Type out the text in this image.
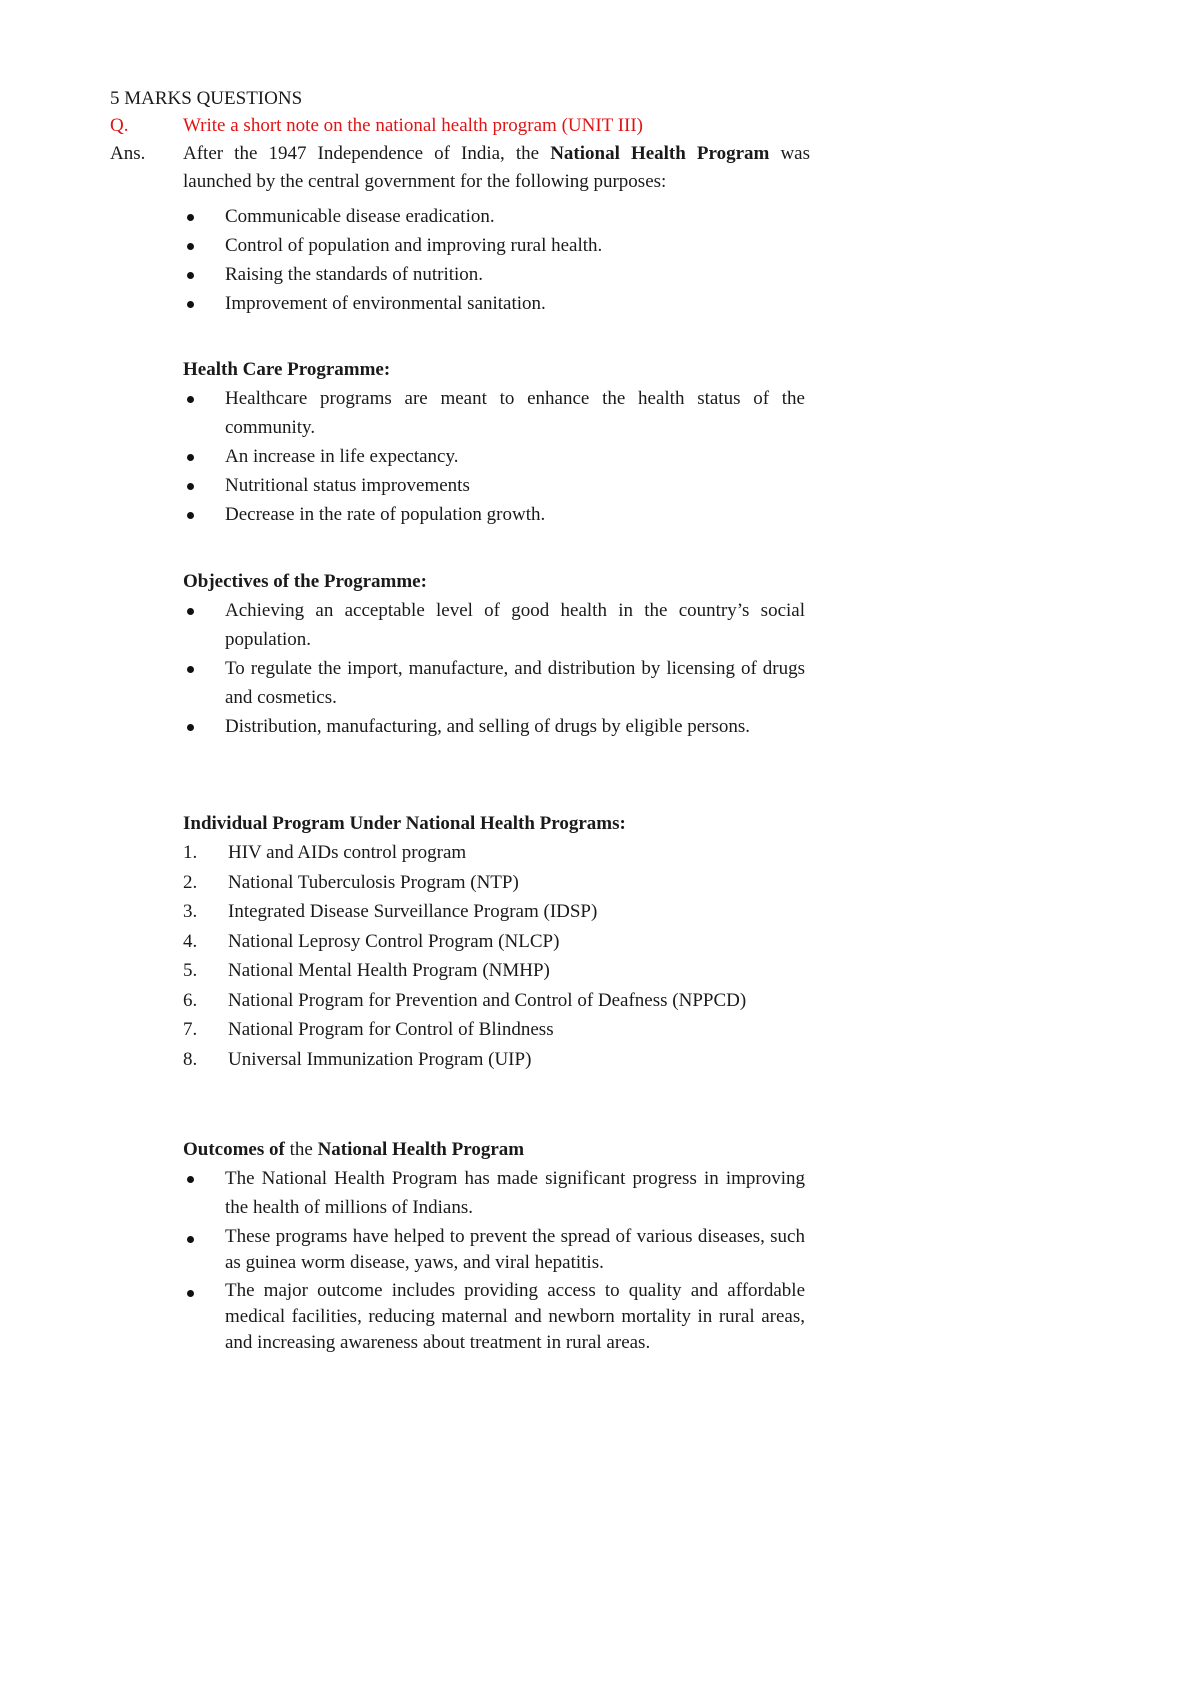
5 MARKS QUESTIONS
Q.	Write a short note on the national health program (UNIT III)
Ans. After the 1947 Independence of India, the National Health Program was launched by the central government for the following purposes:
Communicable disease eradication.
Control of population and improving rural health.
Raising the standards of nutrition.
Improvement of environmental sanitation.

Health Care Programme:

Healthcare programs are meant to enhance the health status of the community.
An increase in life expectancy.
Nutritional status improvements
Decrease in the rate of population growth.

Objectives of the Programme:

Achieving an acceptable level of good health in the country’s social population.
To regulate the import, manufacture, and distribution by licensing of drugs and cosmetics.
Distribution, manufacturing, and selling of drugs by eligible persons.

Individual Program Under National Health Programs:

1. HIV and AIDs control program
2. National Tuberculosis Program (NTP)
3. Integrated Disease Surveillance Program (IDSP)
4. National Leprosy Control Program (NLCP)
5. National Mental Health Program (NMHP)
6. National Program for Prevention and Control of Deafness (NPPCD)
7. National Program for Control of Blindness
8. Universal Immunization Program (UIP)

Outcomes of the National Health Program

The National Health Program has made significant progress in improving the health of millions of Indians.
These programs have helped to prevent the spread of various diseases, such as guinea worm disease, yaws, and viral hepatitis.
The major outcome includes providing access to quality and affordable medical facilities, reducing maternal and newborn mortality in rural areas, and increasing awareness about treatment in rural areas.
